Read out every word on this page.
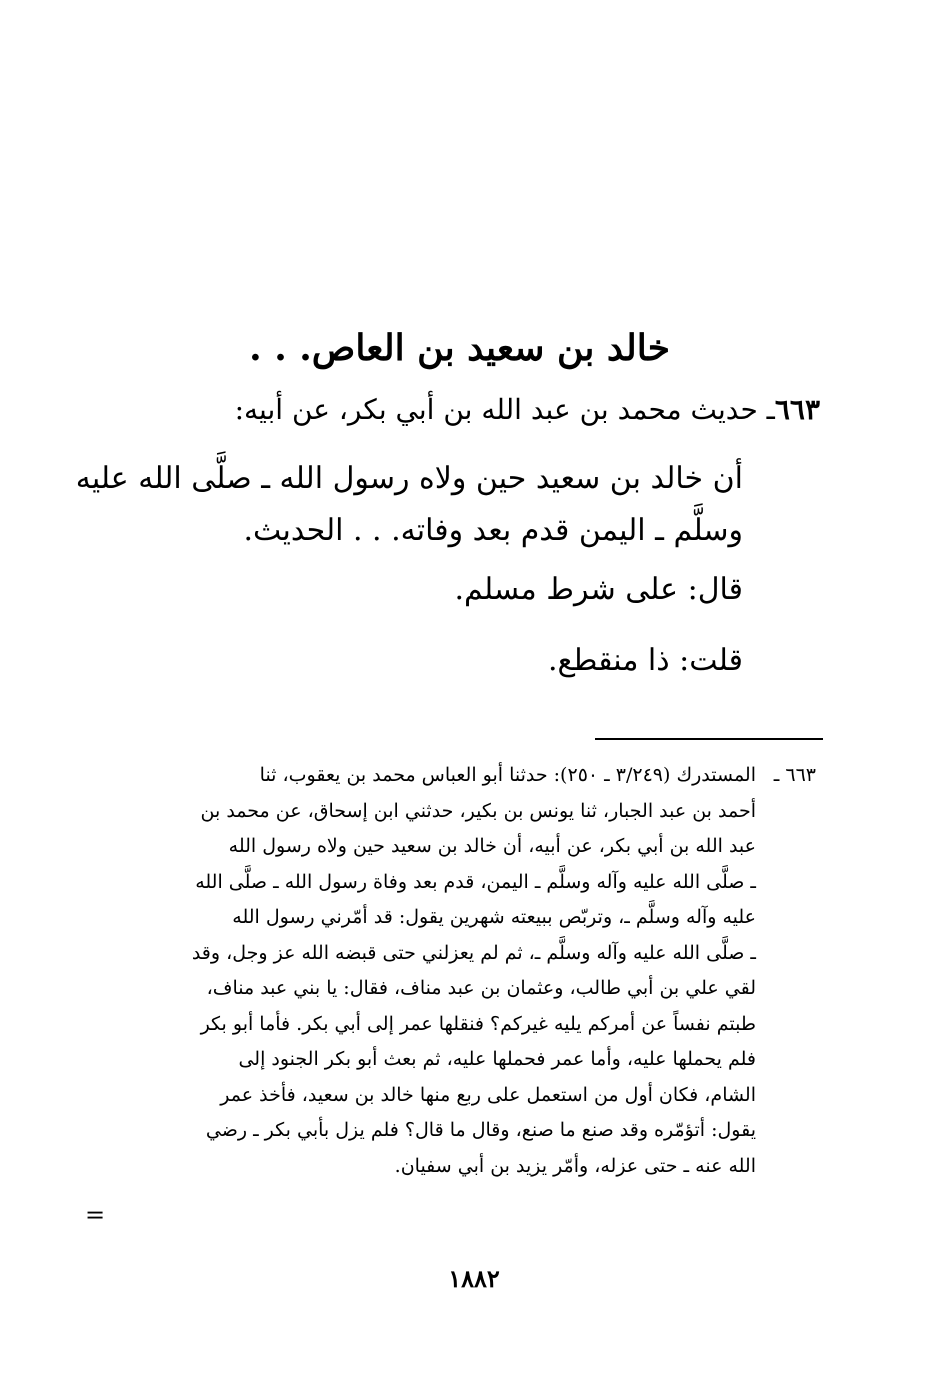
خالد بن سعيد بن العاص. . .
٦٦٣ـ حديث محمد بن عبد الله بن أبي بكر، عن أبيه:
أن خالد بن سعيد حين ولاه رسول الله ـ صلَّى الله عليه
وسلَّم ـ اليمن قدم بعد وفاته. . . الحديث.
قال: على شرط مسلم.
قلت: ذا منقطع.
٦٦٣ ـالمستدرك (٣/٢٤٩ ـ ٢٥٠): حدثنا أبو العباس محمد بن يعقوب، ثنا
أحمد بن عبد الجبار، ثنا يونس بن بكير، حدثني ابن إسحاق، عن محمد بن
عبد الله بن أبي بكر، عن أبيه، أن خالد بن سعيد حين ولاه رسول الله
ـ صلَّى الله عليه وآله وسلَّم ـ اليمن، قدم بعد وفاة رسول الله ـ صلَّى الله
عليه وآله وسلَّم ـ، وتربّص ببيعته شهرين يقول: قد أمّرني رسول الله
ـ صلَّى الله عليه وآله وسلَّم ـ، ثم لم يعزلني حتى قبضه الله عز وجل، وقد
لقي علي بن أبي طالب، وعثمان بن عبد مناف، فقال: يا بني عبد مناف،
طبتم نفساً عن أمركم يليه غيركم؟ فنقلها عمر إلى أبي بكر. فأما أبو بكر
فلم يحملها عليه، وأما عمر فحملها عليه، ثم بعث أبو بكر الجنود إلى
الشام، فكان أول من استعمل على ربع منها خالد بن سعيد، فأخذ عمر
يقول: أتؤمّره وقد صنع ما صنع، وقال ما قال؟ فلم يزل بأبي بكر ـ رضي
الله عنه ـ حتى عزله، وأمّر يزيد بن أبي سفيان.
=
١٨٨٢
